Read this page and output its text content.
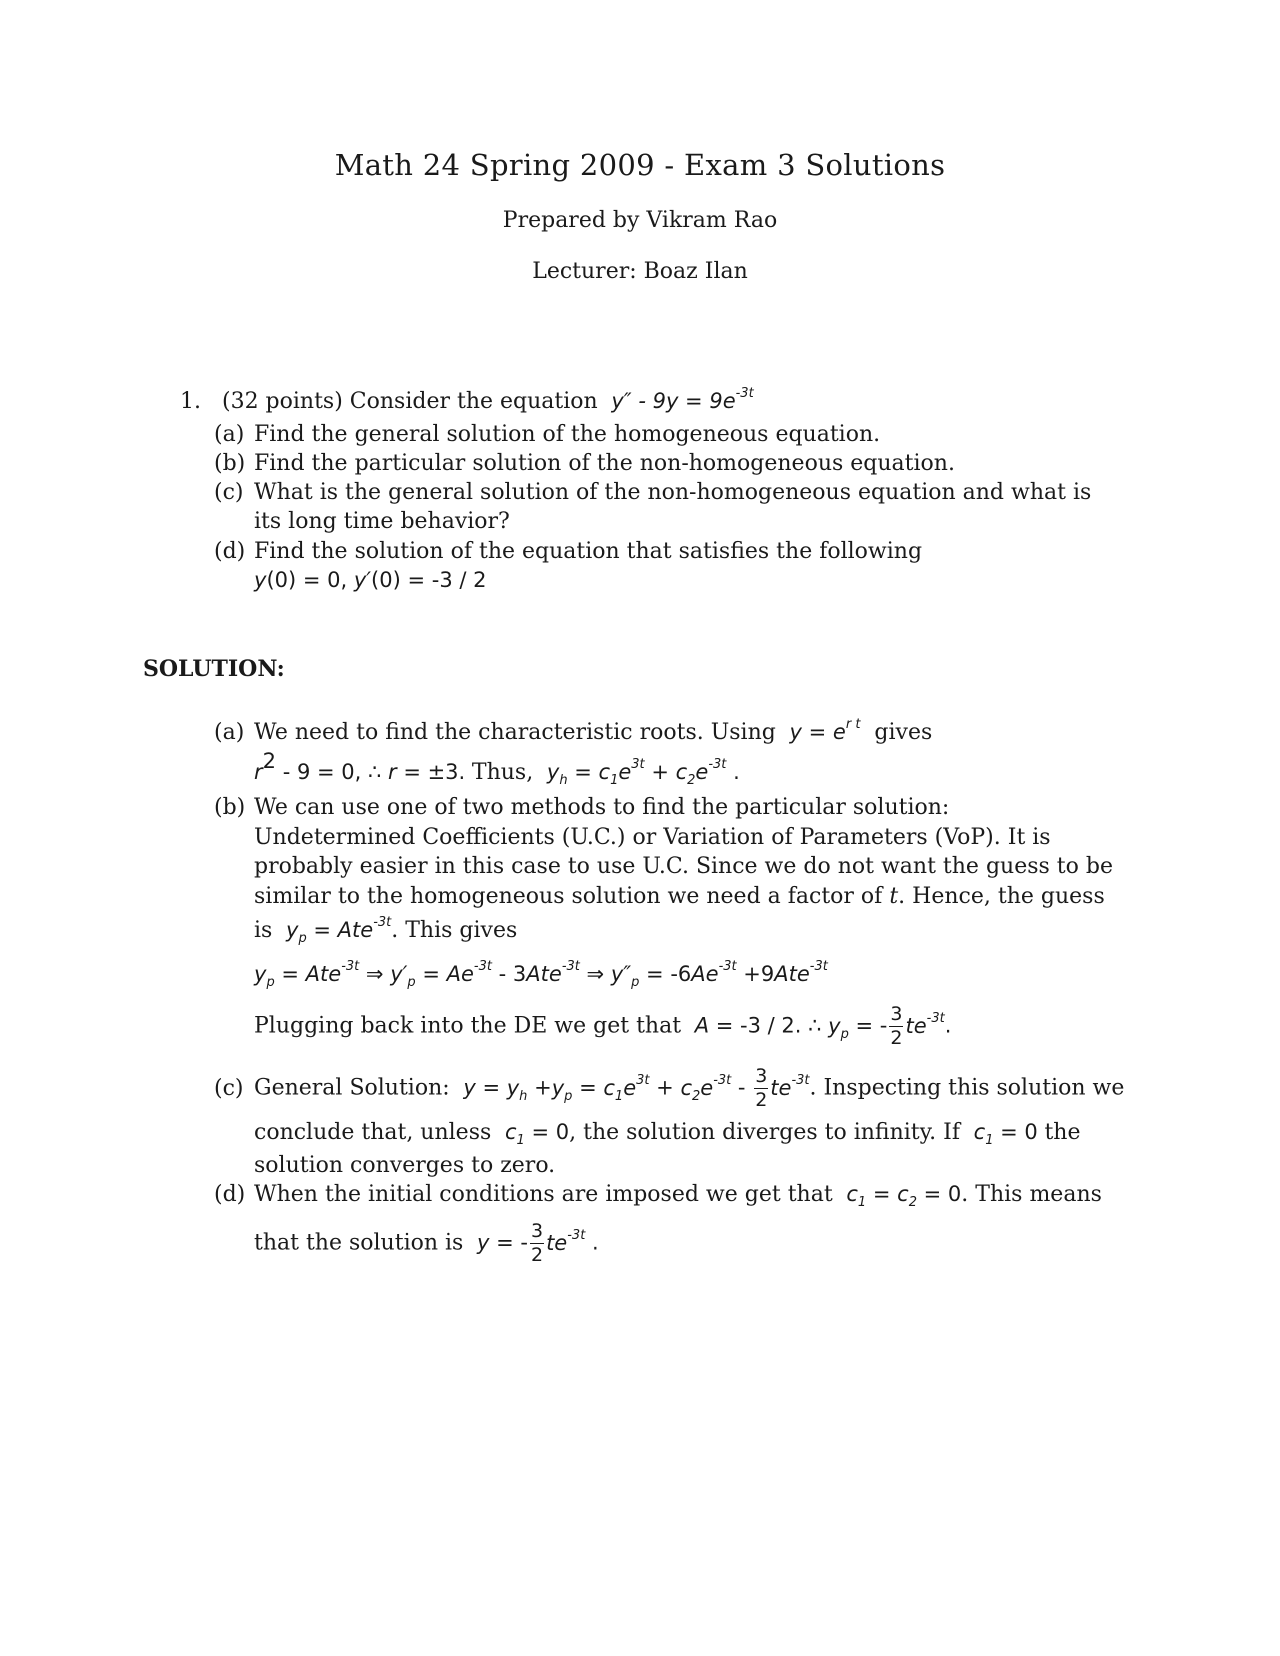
Math 24 Spring 2009 - Exam 3 Solutions
Prepared by Vikram Rao
Lecturer: Boaz Ilan
1. (32 points) Consider the equation  $y'' - 9y = 9e^{-3t}$
(a) Find the general solution of the homogeneous equation.
(b) Find the particular solution of the non-homogeneous equation.
(c) What is the general solution of the non-homogeneous equation and what is
its long time behavior?
(d) Find the solution of the equation that satisfies the following
y(0) = 0, y′(0) = -3 / 2
SOLUTION:
(a) We need to find the characteristic roots. Using  $y = e^{r t}$ gives
$r^2 - 9 = 0$, ∴ r = ±3. Thus,  $y_h = c_1e^{3t} + c_2e^{-3t}$ .
(b) We can use one of two methods to find the particular solution:
Undetermined Coefficients (U.C.) or Variation of Parameters (VoP). It is
probably easier in this case to use U.C. Since we do not want the guess to be
similar to the homogeneous solution we need a factor of t. Hence, the guess
is  $y_p = Ate^{-3t}$. This gives
$y_p = Ate^{-3t}$ ⇒ $y'_p = Ae^{-3t} - 3Ate^{-3t}$ ⇒ $y''_p = -6Ae^{-3t} +9Ate^{-3t}$
Plugging back into the DE we get that  A = -3 / 2. ∴ $y_p$ = - $\frac{3}{2} te^{-3t}$.
(c) General Solution:  $y = y_h +y_p = c_1e^{3t} + c_2e^{-3t} - \frac{3}{2} te^{-3t}$. Inspecting this solution we
conclude that, unless  $c_1 = 0$, the solution diverges to infinity. If  $c_1 = 0$ the
solution converges to zero.
(d) When the initial conditions are imposed we get that  $c_1 = c_2 = 0$. This means
that the solution is  y = - $\frac{3}{2} te^{-3t}$ .
